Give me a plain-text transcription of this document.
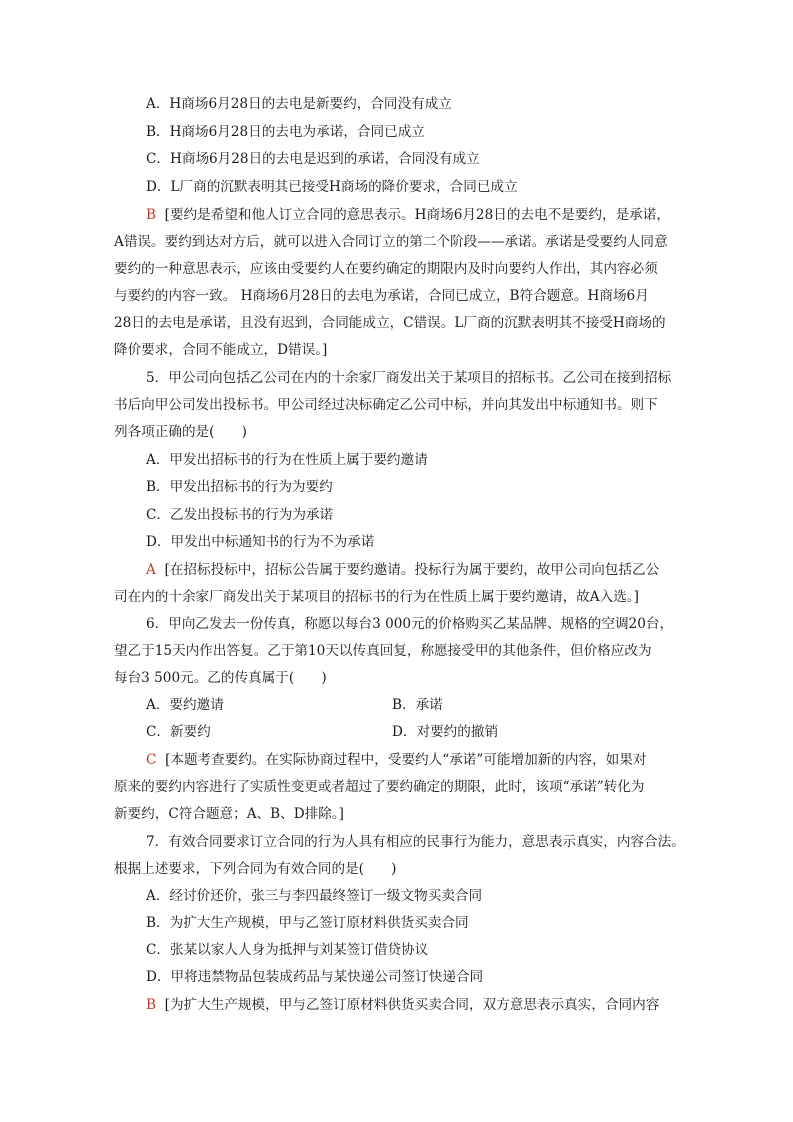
A．H商场6月28日的去电是新要约，合同没有成立
B．H商场6月28日的去电为承诺，合同已成立
C．H商场6月28日的去电是迟到的承诺，合同没有成立
D．L厂商的沉默表明其已接受H商场的降价要求，合同已成立
B [要约是希望和他人订立合同的意思表示。H商场6月28日的去电不是要约，是承诺，
A错误。要约到达对方后，就可以进入合同订立的第二个阶段——承诺。承诺是受要约人同意
要约的一种意思表示，应该由受要约人在要约确定的期限内及时向要约人作出，其内容必须
与要约的内容一致。 H商场6月28日的去电为承诺，合同已成立，B符合题意。H商场6月
28日的去电是承诺，且没有迟到，合同能成立，C错误。L厂商的沉默表明其不接受H商场的
降价要求，合同不能成立，D错误。]
5．甲公司向包括乙公司在内的十余家厂商发出关于某项目的招标书。乙公司在接到招标
书后向甲公司发出投标书。甲公司经过决标确定乙公司中标，并向其发出中标通知书。则下
列各项正确的是(　　)
A．甲发出招标书的行为在性质上属于要约邀请
B．甲发出招标书的行为为要约
C．乙发出投标书的行为为承诺
D．甲发出中标通知书的行为不为承诺
A [在招标投标中，招标公告属于要约邀请。投标行为属于要约，故甲公司向包括乙公
司在内的十余家厂商发出关于某项目的招标书的行为在性质上属于要约邀请，故A入选。]
6．甲向乙发去一份传真，称愿以每台3 000元的价格购买乙某品牌、规格的空调20台，
望乙于15天内作出答复。乙于第10天以传真回复，称愿接受甲的其他条件，但价格应改为
每台3 500元。乙的传真属于(　　)
A．要约邀请	B．承诺
C．新要约	D．对要约的撤销
C [本题考查要约。在实际协商过程中，受要约人“承诺”可能增加新的内容，如果对
原来的要约内容进行了实质性变更或者超过了要约确定的期限，此时，该项“承诺”转化为
新要约，C符合题意；A、B、D排除。]
7．有效合同要求订立合同的行为人具有相应的民事行为能力，意思表示真实，内容合法。
根据上述要求，下列合同为有效合同的是(　　)
A．经讨价还价，张三与李四最终签订一级文物买卖合同
B．为扩大生产规模，甲与乙签订原材料供货买卖合同
C．张某以家人人身为抵押与刘某签订借贷协议
D．甲将违禁物品包装成药品与某快递公司签订快递合同
B [为扩大生产规模，甲与乙签订原材料供货买卖合同，双方意思表示真实，合同内容
